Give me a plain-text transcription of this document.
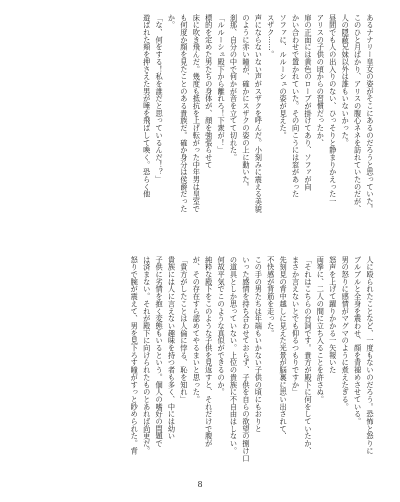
あるナナリー皇女の姿がそこにあるのだろうと思っていた。
このひと月ばかり、アリスの腹心ネネを訪れていたのだが、
人の隠蔽兄妹以外は誰もいないかった。
昼間でも人の出入りのない、ひっそりと静まりかえった一
アリスの子供の頃からの習慣だったか、
扉の正面には黄色のローブが掛けてあり、ソファが向
かい合わせで置かれていた。その向こうには窓があった
ソファに、ルルーシュの姿が見えた。
スザク……。
声にならないない声がスザクを呼んだ。小刻みに震える美貌
のように赤い瞳が、確かにスザクの姿の上に動いた。
刹那、自分の中で何かが音を立てて切れた。
「ルルーシュ殿下から離れろ！下衆が！」
標的を定めた男たちの身体が、顔を強張らせて
床に吹き飛んだ。幾度も抵抗を上げ転がった中年男は皇室で
も何度か顔を見たことのある貴族だ。確か身分は侯爵だった
か。
「な、何をする！私を誰だと思っているんだ！？」
遊ばれた頬を押さえた男が唾を飛ばして喚く。恐らく他
人に殴られたことなど、一度もないのだろう。恐怖と怒りに
ブルブルと全身を震わせ、顔を青褪めさせている。
男の怒りに感情がマグマのように煮えたぎる。
怒声を上げて躍りかかる一矢報いた
両拳に、二人の間に立ち入ることを許さぬ。
「それはこちらの台詞です。貴方が殿下に何をしていたか、
まさか言えないとでも仰るつもりですか」
先刻見の背中越しに見えた光景が脳裏に思い出されて、
不快感が背筋を走った。
この手の男たちは年端もいかない子供の頃にもおりと
いった感情を持ち合わせておらず、子供を自らの欲望の捌け口
の道具としか思っていない。上位の貴族に不自由はしない。
何故平気でこのような真似ができるのか。
純粋な殿下をこのような子供を見返すと、それだけで腹が
が、その存在すら認めてやるまいと思った。
「貴方がしたことは人倫に悖る、恥を知れ」
貴族には人に言えない趣味を持つ者も多く、中には幼い
子供に劣情を抱く変態もいるという。個人の嗜好の問題で
は済まない。それが殿下に向けられたものとあれば尚更だ。
怒りで腕が震えて、男を見下ろす瞳がすっと眇められた。背
8
